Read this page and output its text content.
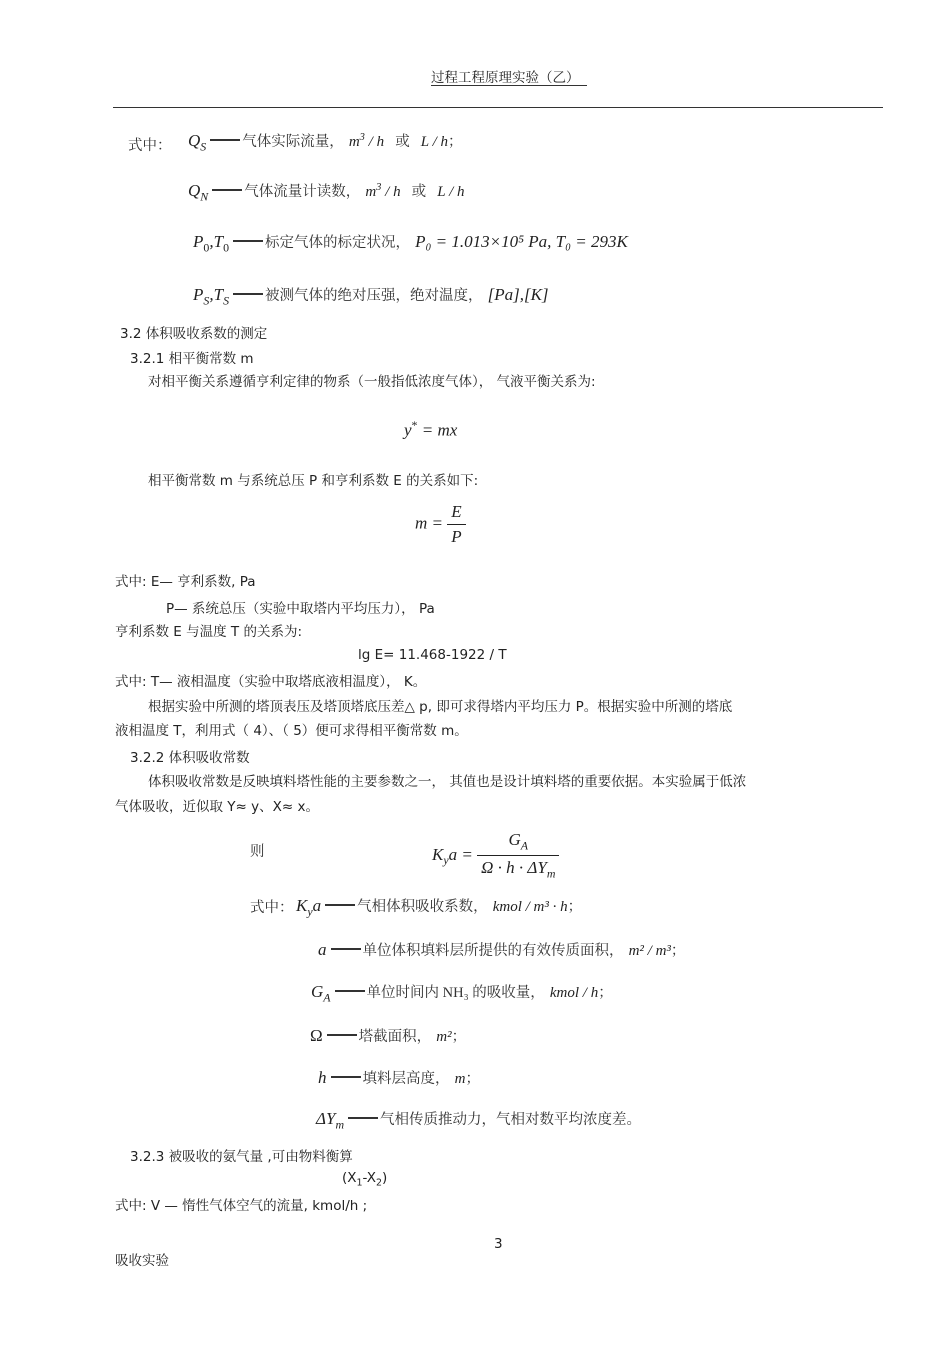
过程工程原理实验（乙）
式中： $Q_S$ 气体实际流量， $m^3$ / h 或 L / h；
$Q_N$ 气体流量计读数， $m^3$ / h 或 L / h
$P_0,T_0$ 标定气体的标定状况， P₀ = 1.013×10⁵ Pa, T₀ = 293K
$P_S,T_S$ 被测气体的绝对压强，绝对温度， [Pa],[K]
3.2 体积吸收系数的测定
3.2.1 相平衡常数 m
对相平衡关系遵循亨利定律的物系（一般指低浓度气体）， 气液平衡关系为:
y* = mx
相平衡常数 m 与系统总压 P 和亨利系数 E 的关系如下:
$m = \frac{E}{P}$
式中: E— 亨利系数, Pa
P— 系统总压（实验中取塔内平均压力）， Pa
亨利系数 E 与温度 T 的关系为:
lg E= 11.468-1922 / T
式中: T— 液相温度（实验中取塔底液相温度）， K。
根据实验中所测的塔顶表压及塔顶塔底压差△ p, 即可求得塔内平均压力 P。根据实验中所测的塔底
液相温度 T，利用式（ 4）、（ 5）便可求得相平衡常数 m。
3.2.2 体积吸收常数
体积吸收常数是反映填料塔性能的主要参数之一， 其值也是设计填料塔的重要依据。本实验属于低浓
气体吸收，近似取 Y≈ y、X≈ x。
则	$K_ya = \frac{G_A}{\Omega \cdot h \cdot \Delta Y_m}$
式中： $K_ya$ 气相体积吸收系数， kmol / m³ · h；
a 单位体积填料层所提供的有效传质面积， m² / m³；
$G_A$ 单位时间内 NH₃ 的吸收量， kmol / h；
Ω 塔截面积， m²；
h 填料层高度， m；
$\Delta Y_m$ 气相传质推动力，气相对数平均浓度差。
3.2.3 被吸收的氨气量 ,可由物料衡算
$(X_1-X_2)$
式中: V — 惰性气体空气的流量, kmol/h ;
3
吸收实验
